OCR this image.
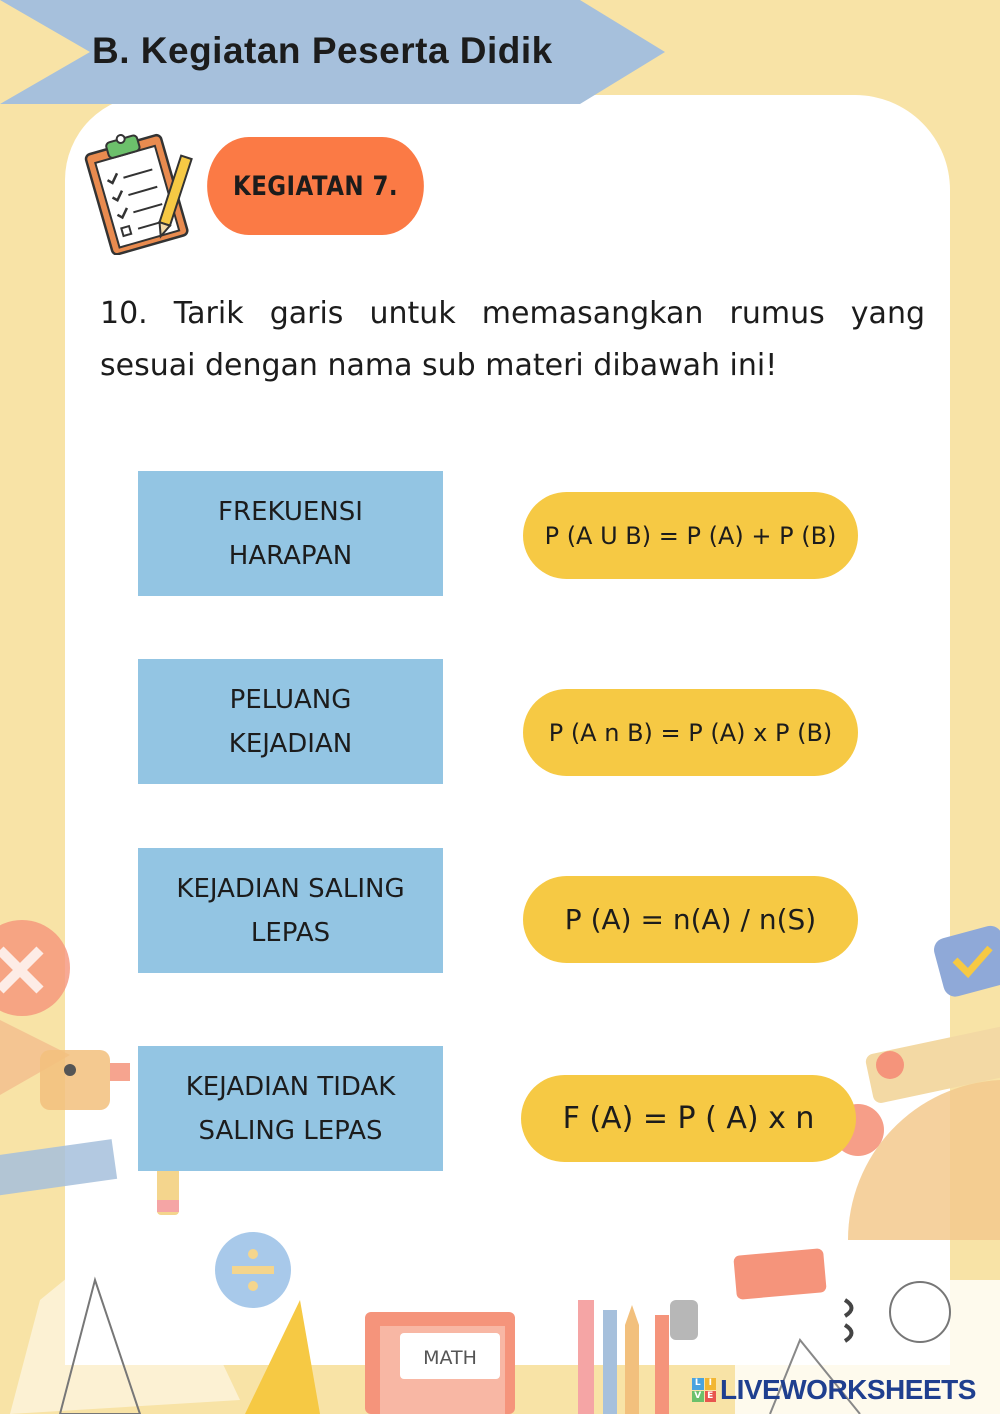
MATH
B. Kegiatan Peserta Didik
KEGIATAN 7.

10. Tarik garis untuk memasangkan rumus yang sesuai dengan nama sub materi dibawah ini!

FREKUENSI
HARAPAN
PELUANG
KEJADIAN
KEJADIAN SALING
LEPAS
KEJADIAN TIDAK
SALING LEPAS
P (A U B) = P (A) + P (B)
P (A n B) = P (A) x P (B)
P (A) = n(A) / n(S)
F (A) = P ( A) x n
L I
V E LIVEWORKSHEETS
